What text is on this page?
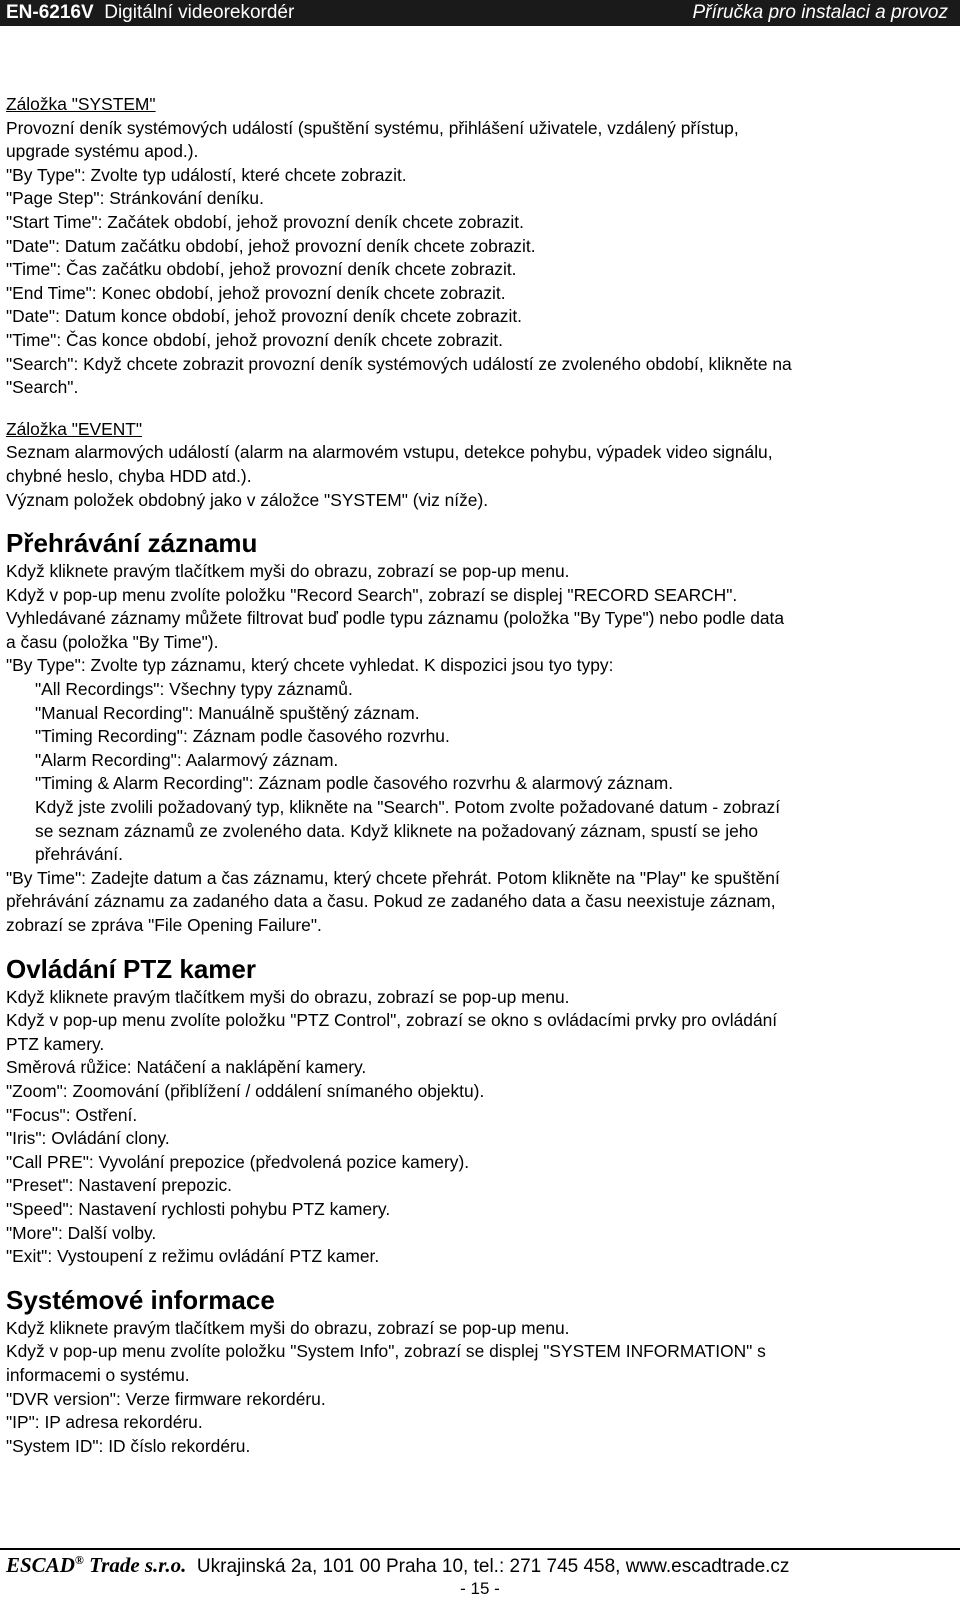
EN-6216V Digitální videorekordér	Příručka pro instalaci a provoz

Záložka "SYSTEM"

Provozní deník systémových událostí (spuštění systému, přihlášení uživatele, vzdálený přístup,

upgrade systému apod.).

"By Type": Zvolte typ událostí, které chcete zobrazit.

"Page Step": Stránkování deníku.

"Start Time": Začátek období, jehož provozní deník chcete zobrazit.

"Date": Datum začátku období, jehož provozní deník chcete zobrazit.

"Time": Čas začátku období, jehož provozní deník chcete zobrazit.

"End Time": Konec období, jehož provozní deník chcete zobrazit.

"Date": Datum konce období, jehož provozní deník chcete zobrazit.

"Time": Čas konce období, jehož provozní deník chcete zobrazit.

"Search": Když chcete zobrazit provozní deník systémových událostí ze zvoleného období, klikněte na

"Search".

Záložka "EVENT"

Seznam alarmových událostí (alarm na alarmovém vstupu, detekce pohybu, výpadek video signálu,

chybné heslo, chyba HDD atd.).

Význam položek obdobný jako v záložce "SYSTEM" (viz níže).

Přehrávání záznamu

Když kliknete pravým tlačítkem myši do obrazu, zobrazí se pop-up menu.

Když v pop-up menu zvolíte položku "Record Search", zobrazí se displej "RECORD SEARCH".

Vyhledávané záznamy můžete filtrovat buď podle typu záznamu (položka "By Type") nebo podle data

a času (položka "By Time").

"By Type": Zvolte typ záznamu, který chcete vyhledat. K dispozici jsou tyo typy:

"All Recordings": Všechny typy záznamů.

"Manual Recording": Manuálně spuštěný záznam.

"Timing Recording": Záznam podle časového rozvrhu.

"Alarm Recording": Aalarmový záznam.

"Timing & Alarm Recording": Záznam podle časového rozvrhu & alarmový záznam.

Když jste zvolili požadovaný typ, klikněte na "Search". Potom zvolte požadované datum - zobrazí

se seznam záznamů ze zvoleného data. Když kliknete na požadovaný záznam, spustí se jeho

přehrávání.

"By Time": Zadejte datum a čas záznamu, který chcete přehrát. Potom klikněte na "Play" ke spuštění

přehrávání záznamu za zadaného data a času. Pokud ze zadaného data a času neexistuje záznam,

zobrazí se zpráva "File Opening Failure".

Ovládání PTZ kamer

Když kliknete pravým tlačítkem myši do obrazu, zobrazí se pop-up menu.

Když v pop-up menu zvolíte položku "PTZ Control", zobrazí se okno s ovládacími prvky pro ovládání

PTZ kamery.

Směrová růžice: Natáčení a naklápění kamery.

"Zoom": Zoomování (přiblížení / oddálení snímaného objektu).

"Focus": Ostření.

"Iris": Ovládání clony.

"Call PRE": Vyvolání prepozice (předvolená pozice kamery).

"Preset": Nastavení prepozic.

"Speed": Nastavení rychlosti pohybu PTZ kamery.

"More": Další volby.

"Exit": Vystoupení z režimu ovládání PTZ kamer.

Systémové informace

Když kliknete pravým tlačítkem myši do obrazu, zobrazí se pop-up menu.

Když v pop-up menu zvolíte položku "System Info", zobrazí se displej "SYSTEM INFORMATION" s

informacemi o systému.

"DVR version": Verze firmware rekordéru.

"IP": IP adresa rekordéru.

"System ID": ID číslo rekordéru.

ESCAD® Trade s.r.o. Ukrajinská 2a, 101 00 Praha 10, tel.: 271 745 458, www.escadtrade.cz
- 15 -
